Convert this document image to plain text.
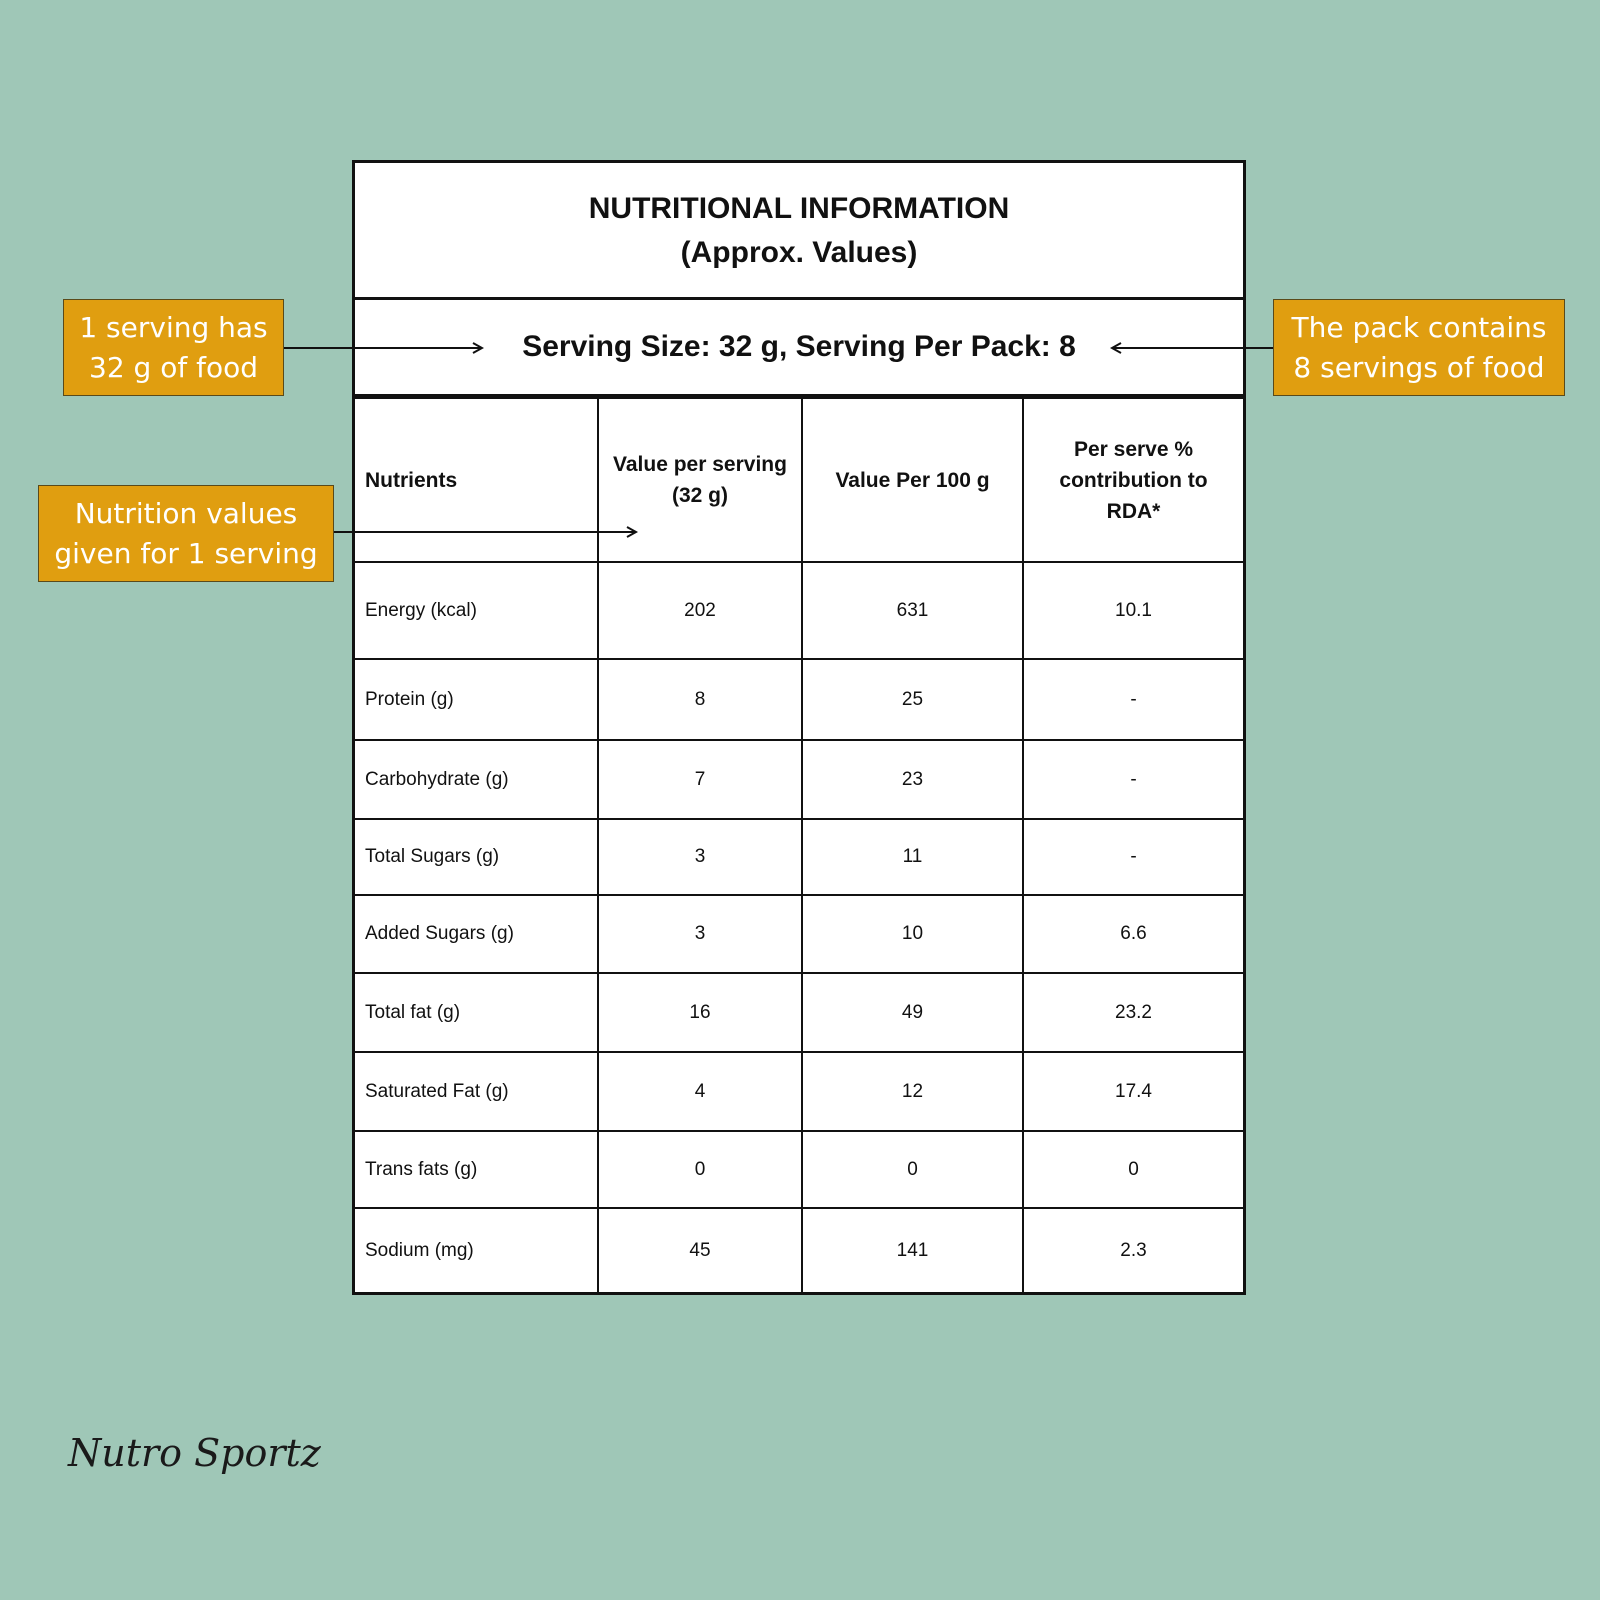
NUTRITIONAL INFORMATION
(Approx. Values)
Serving Size: 32 g, Serving Per Pack: 8
Nutrients	Value per serving (32 g)	Value Per 100 g	Per serve % contribution to RDA*
Energy (kcal)	202	631	10.1
Protein (g)	8	25	-
Carbohydrate (g)	7	23	-
Total Sugars (g)	3	11	-
Added Sugars (g)	3	10	6.6
Total fat (g)	16	49	23.2
Saturated Fat (g)	4	12	17.4
Trans fats (g)	0	0	0
Sodium (mg)	45	141	2.3
1 serving has
32 g of food
The pack contains
8 servings of food
Nutrition values
given for 1 serving
Nutro Sportz
